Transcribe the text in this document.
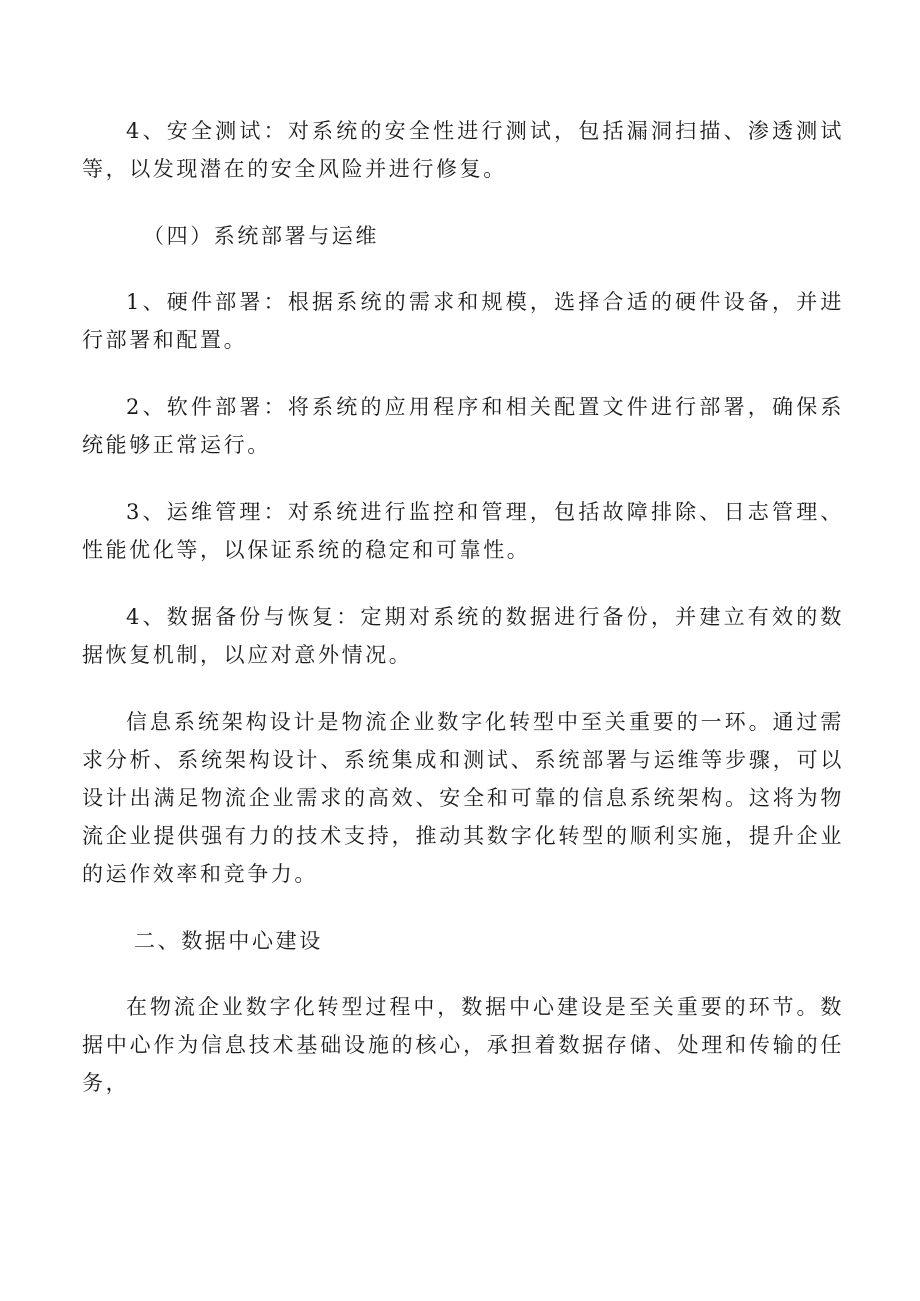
4、安全测试：对系统的安全性进行测试，包括漏洞扫描、渗透测试等，以发现潜在的安全风险并进行修复。

（四）系统部署与运维

1、硬件部署：根据系统的需求和规模，选择合适的硬件设备，并进行部署和配置。

2、软件部署：将系统的应用程序和相关配置文件进行部署，确保系统能够正常运行。

3、运维管理：对系统进行监控和管理，包括故障排除、日志管理、性能优化等，以保证系统的稳定和可靠性。

4、数据备份与恢复：定期对系统的数据进行备份，并建立有效的数据恢复机制，以应对意外情况。

信息系统架构设计是物流企业数字化转型中至关重要的一环。通过需求分析、系统架构设计、系统集成和测试、系统部署与运维等步骤，可以设计出满足物流企业需求的高效、安全和可靠的信息系统架构。这将为物流企业提供强有力的技术支持，推动其数字化转型的顺利实施，提升企业的运作效率和竞争力。

二、数据中心建设

在物流企业数字化转型过程中，数据中心建设是至关重要的环节。数据中心作为信息技术基础设施的核心，承担着数据存储、处理和传输的任务，
